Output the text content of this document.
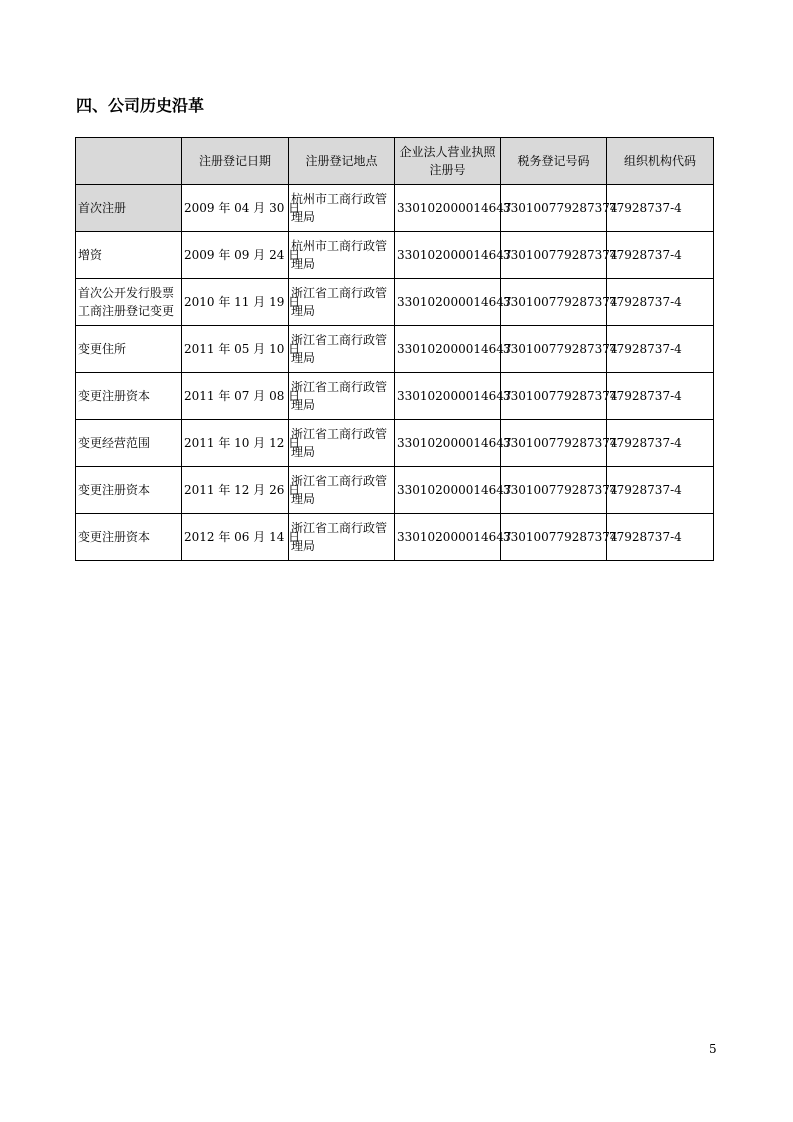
四、公司历史沿革
	注册登记日期	注册登记地点	企业法人营业执照注册号	税务登记号码	组织机构代码
首次注册	2009 年 04 月 30 日	杭州市工商行政管理局	330102000014647	330100779287374	77928737-4
增资	2009 年 09 月 24 日	杭州市工商行政管理局	330102000014647	330100779287374	77928737-4
首次公开发行股票工商注册登记变更	2010 年 11 月 19 日	浙江省工商行政管理局	330102000014647	330100779287374	77928737-4
变更住所	2011 年 05 月 10 日	浙江省工商行政管理局	330102000014647	330100779287374	77928737-4
变更注册资本	2011 年 07 月 08 日	浙江省工商行政管理局	330102000014647	330100779287374	77928737-4
变更经营范围	2011 年 10 月 12 日	浙江省工商行政管理局	330102000014647	330100779287374	77928737-4
变更注册资本	2011 年 12 月 26 日	浙江省工商行政管理局	330102000014647	330100779287374	77928737-4
变更注册资本	2012 年 06 月 14 日	浙江省工商行政管理局	330102000014647	330100779287374	77928737-4
5
